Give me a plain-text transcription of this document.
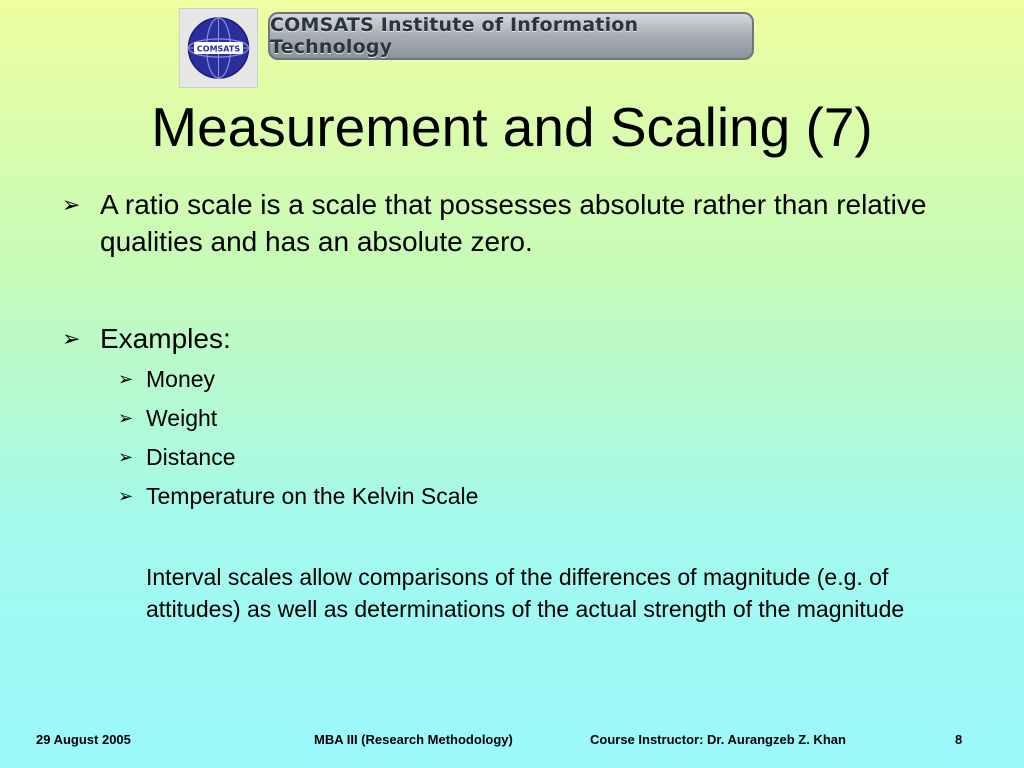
COMSATS
COMSATS Institute of Information Technology
Measurement and Scaling (7)
➢ A ratio scale is a scale that possesses absolute rather than relative qualities and has an absolute zero.
➢ Examples:
➢ Money
➢ Weight
➢ Distance
➢ Temperature on the Kelvin Scale
Interval scales allow comparisons of the differences of magnitude (e.g. of attitudes) as well as determinations of the actual strength of the magnitude
29 August 2005	MBA III (Research Methodology)	Course Instructor: Dr. Aurangzeb Z. Khan	8
